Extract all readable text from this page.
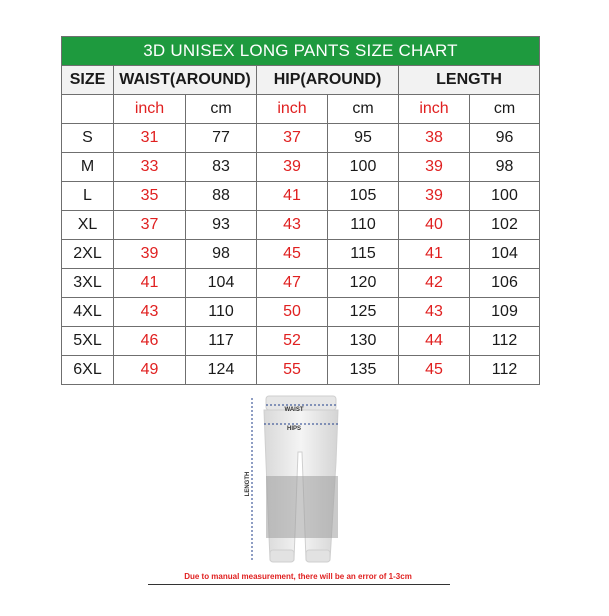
3D UNISEX LONG PANTS SIZE CHART						
SIZE	WAIST(AROUND)		HIP(AROUND)		LENGTH	
	inch	cm	inch	cm	inch	cm
S	31	77	37	95	38	96
M	33	83	39	100	39	98
L	35	88	41	105	39	100
XL	37	93	43	110	40	102
2XL	39	98	45	115	41	104
3XL	41	104	47	120	42	106
4XL	43	110	50	125	43	109
5XL	46	117	52	130	44	112
6XL	49	124	55	135	45	112
WAIST
HIPS
LENGTH
Due to manual measurement, there will be an error of 1-3cm
